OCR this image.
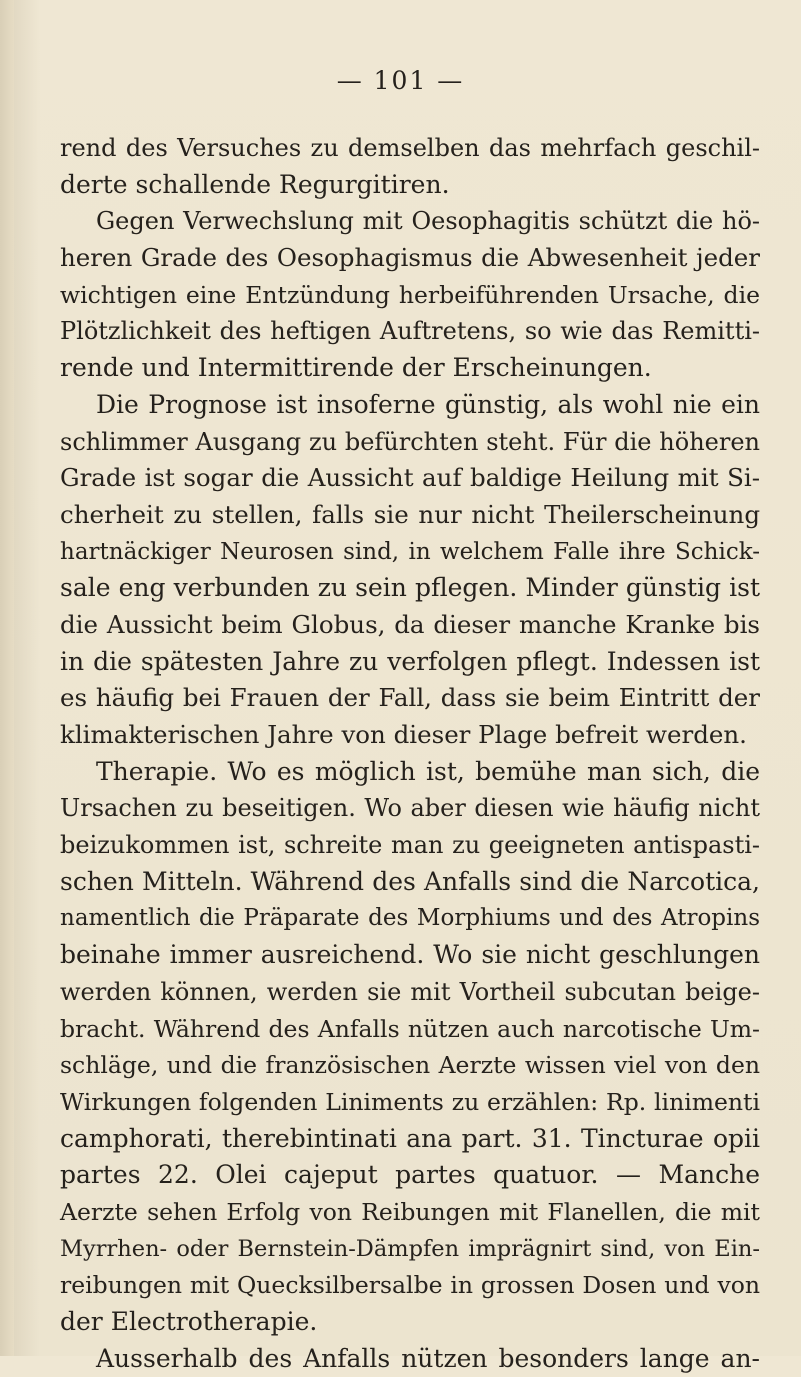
— 101 —
rend des Versuches zu demselben das mehrfach geschil-
derte schallende Regurgitiren.
Gegen Verwechslung mit Oesophagitis schützt die hö-
heren Grade des Oesophagismus die Abwesenheit jeder
wichtigen eine Entzündung herbeiführenden Ursache, die
Plötzlichkeit des heftigen Auftretens, so wie das Remitti-
rende und Intermittirende der Erscheinungen.
Die Prognose ist insoferne günstig, als wohl nie ein
schlimmer Ausgang zu befürchten steht. Für die höheren
Grade ist sogar die Aussicht auf baldige Heilung mit Si-
cherheit zu stellen, falls sie nur nicht Theilerscheinung
hartnäckiger Neurosen sind, in welchem Falle ihre Schick-
sale eng verbunden zu sein pflegen. Minder günstig ist
die Aussicht beim Globus, da dieser manche Kranke bis
in die spätesten Jahre zu verfolgen pflegt. Indessen ist
es häufig bei Frauen der Fall, dass sie beim Eintritt der
klimakterischen Jahre von dieser Plage befreit werden.
Therapie. Wo es möglich ist, bemühe man sich, die
Ursachen zu beseitigen. Wo aber diesen wie häufig nicht
beizukommen ist, schreite man zu geeigneten antispasti-
schen Mitteln. Während des Anfalls sind die Narcotica,
namentlich die Präparate des Morphiums und des Atropins
beinahe immer ausreichend. Wo sie nicht geschlungen
werden können, werden sie mit Vortheil subcutan beige-
bracht. Während des Anfalls nützen auch narcotische Um-
schläge, und die französischen Aerzte wissen viel von den
Wirkungen folgenden Liniments zu erzählen: Rp. linimenti
camphorati, therebintinati ana part. 31. Tincturae opii
partes 22. Olei cajeput partes quatuor. — Manche
Aerzte sehen Erfolg von Reibungen mit Flanellen, die mit
Myrrhen- oder Bernstein-Dämpfen imprägnirt sind, von Ein-
reibungen mit Quecksilbersalbe in grossen Dosen und von
der Electrotherapie.
Ausserhalb des Anfalls nützen besonders lange an-
